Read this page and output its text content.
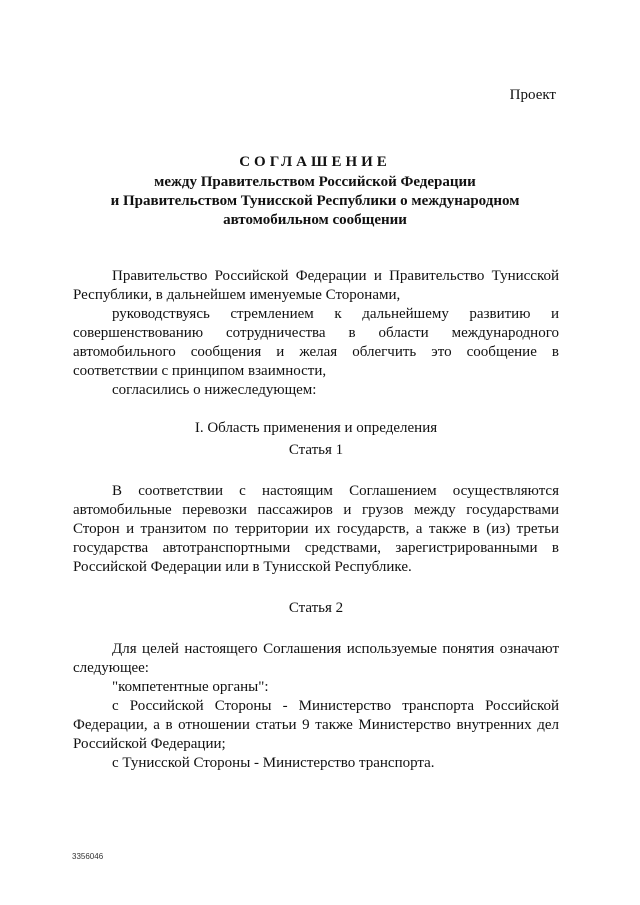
Проект
СОГЛАШЕНИЕ
между Правительством Российской Федерации
и Правительством Тунисской Республики о международном
автомобильном сообщении

Правительство Российской Федерации и Правительство Тунисской Республики, в дальнейшем именуемые Сторонами,

руководствуясь стремлением к дальнейшему развитию и совершенствованию сотрудничества в области международного автомобильного сообщения и желая облегчить это сообщение в соответствии с принципом взаимности,

согласились о нижеследующем:

I. Область применения и определения

Статья 1

В соответствии с настоящим Соглашением осуществляются автомобильные перевозки пассажиров и грузов между государствами Сторон и транзитом по территории их государств, а также в (из) третьи государства автотранспортными средствами, зарегистрированными в Российской Федерации или в Тунисской Республике.

Статья 2

Для целей настоящего Соглашения используемые понятия означают следующее:

"компетентные органы":

с Российской Стороны - Министерство транспорта Российской Федерации, а в отношении статьи 9 также Министерство внутренних дел Российской Федерации;

с Тунисской Стороны - Министерство транспорта.

3356046
